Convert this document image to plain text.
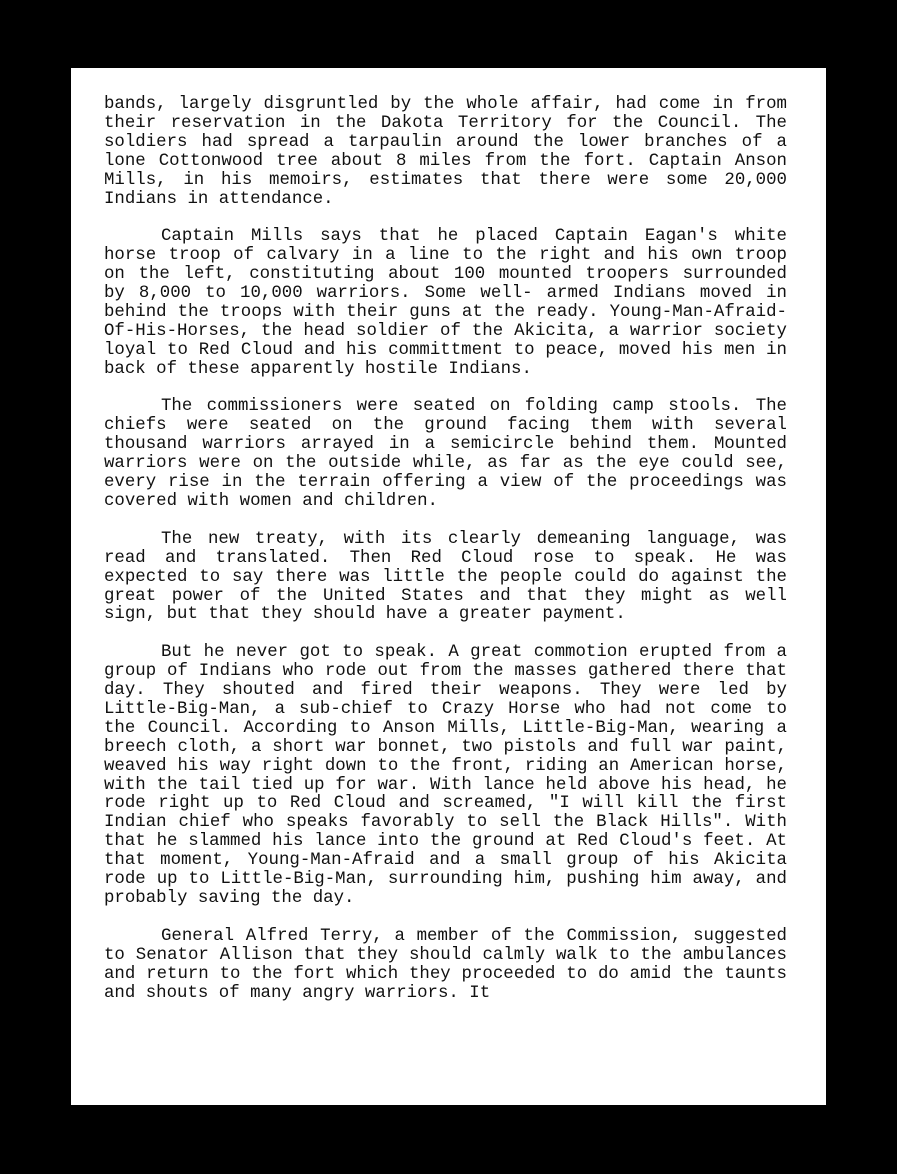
bands, largely disgruntled by the whole affair, had come in from their reservation in the Dakota Territory for the Council. The soldiers had spread a tarpaulin around the lower branches of a lone Cottonwood tree about 8 miles from the fort. Captain Anson Mills, in his memoirs, estimates that there were some 20,000 Indians in attendance.

Captain Mills says that he placed Captain Eagan's white horse troop of calvary in a line to the right and his own troop on the left, constituting about 100 mounted troopers surrounded by 8,000 to 10,000 warriors. Some well- armed Indians moved in behind the troops with their guns at the ready. Young-Man-Afraid-Of-His-Horses, the head soldier of the Akicita, a warrior society loyal to Red Cloud and his committment to peace, moved his men in back of these apparently hostile Indians.

The commissioners were seated on folding camp stools. The chiefs were seated on the ground facing them with several thousand warriors arrayed in a semicircle behind them. Mounted warriors were on the outside while, as far as the eye could see, every rise in the terrain offering a view of the proceedings was covered with women and children.

The new treaty, with its clearly demeaning language, was read and translated. Then Red Cloud rose to speak. He was expected to say there was little the people could do against the great power of the United States and that they might as well sign, but that they should have a greater payment.

But he never got to speak. A great commotion erupted from a group of Indians who rode out from the masses gathered there that day. They shouted and fired their weapons. They were led by Little-Big-Man, a sub-chief to Crazy Horse who had not come to the Council. According to Anson Mills, Little-Big-Man, wearing a breech cloth, a short war bonnet, two pistols and full war paint, weaved his way right down to the front, riding an American horse, with the tail tied up for war. With lance held above his head, he rode right up to Red Cloud and screamed, "I will kill the first Indian chief who speaks favorably to sell the Black Hills". With that he slammed his lance into the ground at Red Cloud's feet. At that moment, Young-Man-Afraid and a small group of his Akicita rode up to Little-Big-Man, surrounding him, pushing him away, and probably saving the day.

General Alfred Terry, a member of the Commission, suggested to Senator Allison that they should calmly walk to the ambulances and return to the fort which they proceeded to do amid the taunts and shouts of many angry warriors. It
